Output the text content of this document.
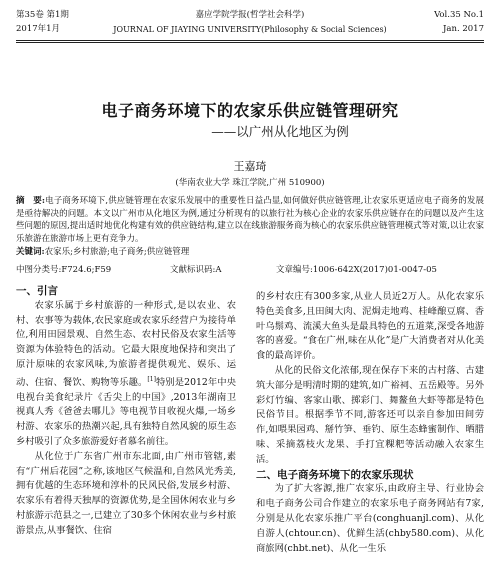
第35卷 第1期
2017年1月
嘉应学院学报(哲学社会科学)
JOURNAL OF JIAYING UNIVERSITY(Philosophy & Social Sciences)
Vol.35 No.1
Jan. 2017
电子商务环境下的农家乐供应链管理研究
——以广州从化地区为例
王嘉琦
(华南农业大学 珠江学院,广州 510900)
摘　要:电子商务环境下,供应链管理在农家乐发展中的重要性日益凸显,如何做好供应链管理,让农家乐更适应电子商务的发展是亟待解决的问题。本文以广州市从化地区为例,通过分析现有的以旅行社为核心企业的农家乐供应链存在的问题以及产生这些问题的原因,提出适时地优化构建有效的供应链结构,建立以在线旅游服务商为核心的农家乐供应链管理模式等对策,以让农家乐旅游在旅游市场上更有竞争力。
关键词:农家乐;乡村旅游;电子商务;供应链管理
中图分类号:F724.6;F59	文献标识码:A	文章编号:1006-642X(2017)01-0047-05

一、引言

农家乐属于乡村旅游的一种形式,是以农业、农村、农事等为载体,农民家庭或农家乐经营户为接待单位,利用田园景观、自然生态、农村民俗及农家生活等资源为体验特色的活动。它最大限度地保持和突出了原汁原味的农家风味,为旅游者提供观光、娱乐、运动、住宿、餐饮、购物等乐趣。[1]特别是2012年中央电视台美食纪录片《舌尖上的中国》,2013年湖南卫视真人秀《爸爸去哪儿》等电视节目收视火爆,一场乡村游、农家乐的热潮兴起,具有独特自然风貌的原生态乡村吸引了众多旅游爱好者慕名前往。

从化位于广东省广州市东北面,由广州市管辖,素有“广州后花园”之称,该地区气候温和,自然风光秀美,拥有优越的生态环境和淳朴的民风民俗,发展乡村游、农家乐有着得天独厚的资源优势,是全国休闲农业与乡村旅游示范县之一,已建立了30多个休闲农业与乡村旅游景点,从事餐饮、住宿

的乡村农庄有300多家,从业人员近2万人。从化农家乐特色美食多,且田闽大肉、泥焗走地鸡、桂峰酿豆腐、香叶乌鬃鸡、流溪大鱼头是最具特色的五道菜,深受各地游客的喜爱。“食在广州,味在从化”是广大消费者对从化美食的最高评价。

从化的民俗文化浓郁,现在保存下来的古村落、古建筑大部分是明清时期的建筑,如广裕祠、五岳殿等。另外彩灯竹编、客家山歌、掷彩门、舞鳌鱼大虾等都是特色民俗节目。根据季节不同,游客还可以亲自参加田间劳作,如喂果园鸡、掰竹笋、垂钓、原生态蜂蜜制作、晒腊味、采摘荔枝火龙果、手打宜粿粑等活动融入农家生活。

二、电子商务环境下的农家乐现状

为了扩大客源,推广农家乐,由政府主导、行业协会和电子商务公司合作建立的农家乐电子商务网站有7家,分别是从化农家乐推广平台(conghuanjl.com)、从化自游人(chtour.cn)、优鲜生活(chby580.com)、从化商旅网(chbt.net)、从化一生乐
